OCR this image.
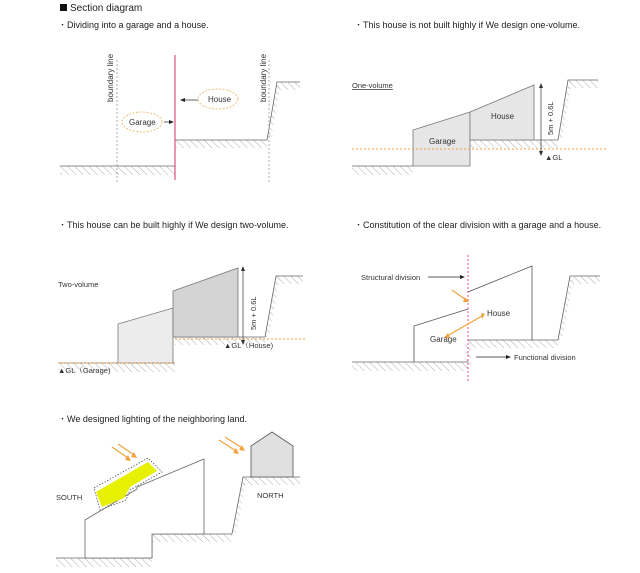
Section diagram
・Dividing into a garage and a house.	・This house is not built highly if We design one-volume.
・This house can be built highly if We design two-volume.	・Constitution of the clear division with a garage and a house.
・We designed lighting of the neighboring land.
boundary line	boundary line
House
Garage
One-volume
Garage
House	5m + 0.6L
▲GL
Two-volume
5m + 0.6L
▲GL（House)
▲GL（Garage)
Structural division
House
Garage
Functional division
SOUTH	NORTH
